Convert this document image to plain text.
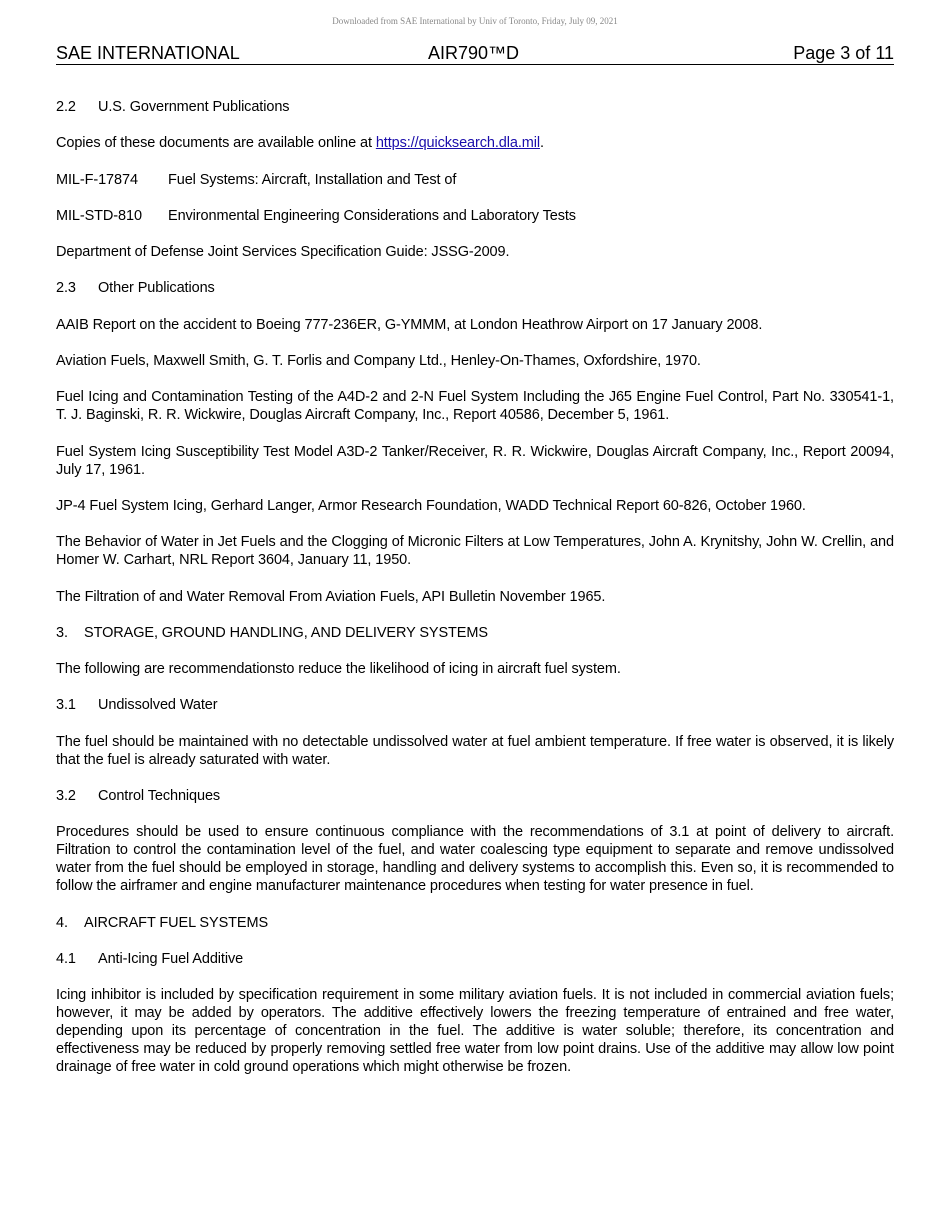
Downloaded from SAE International by Univ of Toronto, Friday, July 09, 2021
SAE INTERNATIONAL	AIR790™D	Page 3 of 11
2.2 U.S. Government Publications
Copies of these documents are available online at https://quicksearch.dla.mil.
MIL-F-17874 Fuel Systems: Aircraft, Installation and Test of
MIL-STD-810 Environmental Engineering Considerations and Laboratory Tests
Department of Defense Joint Services Specification Guide: JSSG-2009.
2.3 Other Publications
AAIB Report on the accident to Boeing 777-236ER, G-YMMM, at London Heathrow Airport on 17 January 2008.
Aviation Fuels, Maxwell Smith, G. T. Forlis and Company Ltd., Henley-On-Thames, Oxfordshire, 1970.
Fuel Icing and Contamination Testing of the A4D-2 and 2-N Fuel System Including the J65 Engine Fuel Control, Part No. 330541-1, T. J. Baginski, R. R. Wickwire, Douglas Aircraft Company, Inc., Report 40586, December 5, 1961.
Fuel System Icing Susceptibility Test Model A3D-2 Tanker/Receiver, R. R. Wickwire, Douglas Aircraft Company, Inc., Report 20094, July 17, 1961.
JP-4 Fuel System Icing, Gerhard Langer, Armor Research Foundation, WADD Technical Report 60-826, October 1960.
The Behavior of Water in Jet Fuels and the Clogging of Micronic Filters at Low Temperatures, John A. Krynitshy, John W. Crellin, and Homer W. Carhart, NRL Report 3604, January 11, 1950.
The Filtration of and Water Removal From Aviation Fuels, API Bulletin November 1965.
3. STORAGE, GROUND HANDLING, AND DELIVERY SYSTEMS
The following are recommendationsto reduce the likelihood of icing in aircraft fuel system.
3.1 Undissolved Water
The fuel should be maintained with no detectable undissolved water at fuel ambient temperature. If free water is observed, it is likely that the fuel is already saturated with water.
3.2 Control Techniques
Procedures should be used to ensure continuous compliance with the recommendations of 3.1 at point of delivery to aircraft. Filtration to control the contamination level of the fuel, and water coalescing type equipment to separate and remove undissolved water from the fuel should be employed in storage, handling and delivery systems to accomplish this. Even so, it is recommended to follow the airframer and engine manufacturer maintenance procedures when testing for water presence in fuel.
4. AIRCRAFT FUEL SYSTEMS
4.1 Anti-Icing Fuel Additive
Icing inhibitor is included by specification requirement in some military aviation fuels. It is not included in commercial aviation fuels; however, it may be added by operators. The additive effectively lowers the freezing temperature of entrained and free water, depending upon its percentage of concentration in the fuel. The additive is water soluble; therefore, its concentration and effectiveness may be reduced by properly removing settled free water from low point drains. Use of the additive may allow low point drainage of free water in cold ground operations which might otherwise be frozen.
